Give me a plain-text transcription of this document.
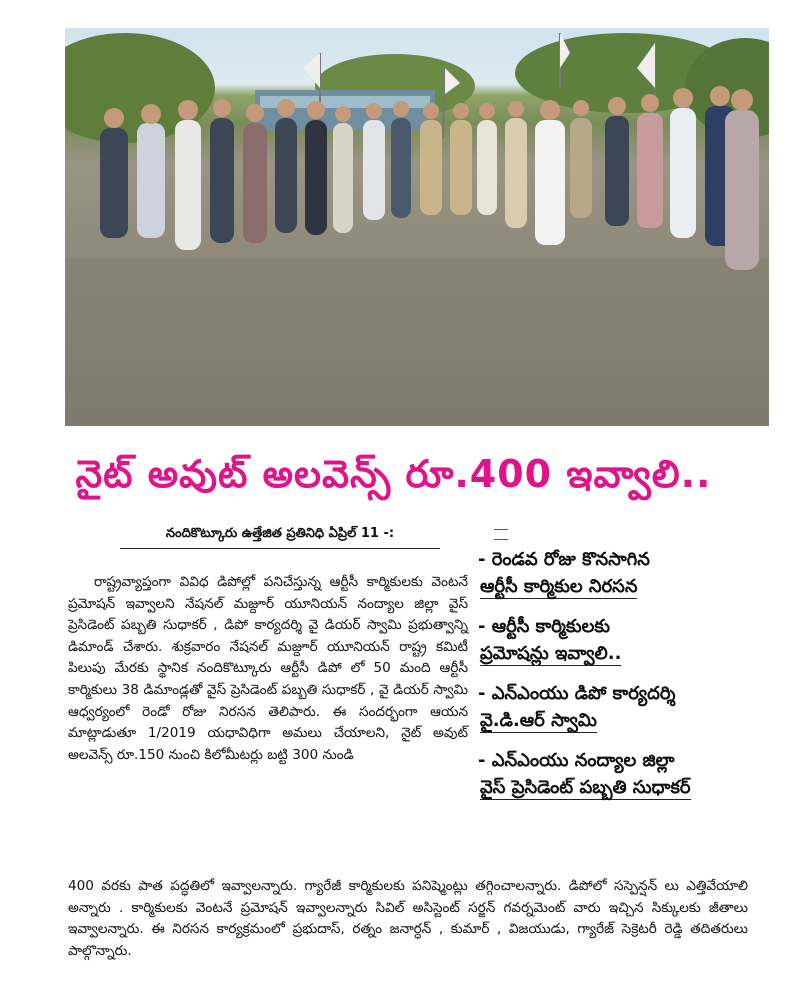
నైట్ అవుట్ అలవెన్స్ రూ.400 ఇవ్వాలి..
నందికొట్కూరు ఉత్తేజిత ప్రతినిధి ఏప్రిల్ 11 -:

రాష్ట్రవ్యాప్తంగా వివిధ డిపోల్లో పనిచేస్తున్న ఆర్టీసీ కార్మికులకు వెంటనే ప్రమోషన్ ఇవ్వాలని నేషనల్ మజ్దూర్ యూనియన్ నంద్యాల జిల్లా వైస్ ప్రెసిడెంట్ పబ్బతి సుధాకర్ , డిపో కార్యదర్శి వై డియర్ స్వామి ప్రభుత్వాన్ని డిమాండ్ చేశారు. శుక్రవారం నేషనల్ మజ్దూర్ యూనియన్ రాష్ట్ర కమిటీ పిలుపు మేరకు స్థానిక నందికొట్కూరు ఆర్టీసీ డిపో లో 50 మంది ఆర్టీసీ కార్మికులు 38 డిమాండ్లతో వైస్ ప్రెసిడెంట్ పబ్బతి సుధాకర్ , వై డియర్ స్వామి ఆధ్వర్యంలో రెండో రోజు నిరసన తెలిపారు. ఈ సందర్భంగా ఆయన మాట్లాడుతూ 1/2019 యధావిధిగా అమలు చేయాలని, నైట్ అవుట్ అలవెన్స్ రూ.150 నుంచి కిలోమీటర్లు బట్టి 300 నుండి

400 వరకు పాత పద్ధతిలో ఇవ్వాలన్నారు. గ్యారేజీ కార్మికులకు పనిష్మెంట్లు తగ్గించాలన్నారు. డిపోలో సస్పెన్షన్ లు ఎత్తివేయాలి అన్నారు . కార్మికులకు వెంటనే ప్రమోషన్ ఇవ్వాలన్నారు సివిల్ అసిస్టెంట్ సర్జన్ గవర్నమెంట్ వారు ఇచ్చిన సిక్కులకు జీతాలు ఇవ్వాలన్నారు. ఈ నిరసన కార్యక్రమంలో ప్రభుదాస్, రత్నం జనార్ధన్ , కుమార్ , విజయుడు, గ్యారేజ్ సెక్రెటరీ రెడ్డి తదితరులు పాల్గొన్నారు.
- రెండవ రోజు కొనసాగిన
ఆర్టీసీ కార్మికుల నిరసన
- ఆర్టీసీ కార్మికులకు
ప్రమోషన్లు ఇవ్వాలి..
- ఎన్ఎంయు డిపో కార్యదర్శి
వై.డి.ఆర్ స్వామి
- ఎన్ఎంయు నంద్యాల జిల్లా
వైస్ ప్రెసిడెంట్ పబ్బతి సుధాకర్
